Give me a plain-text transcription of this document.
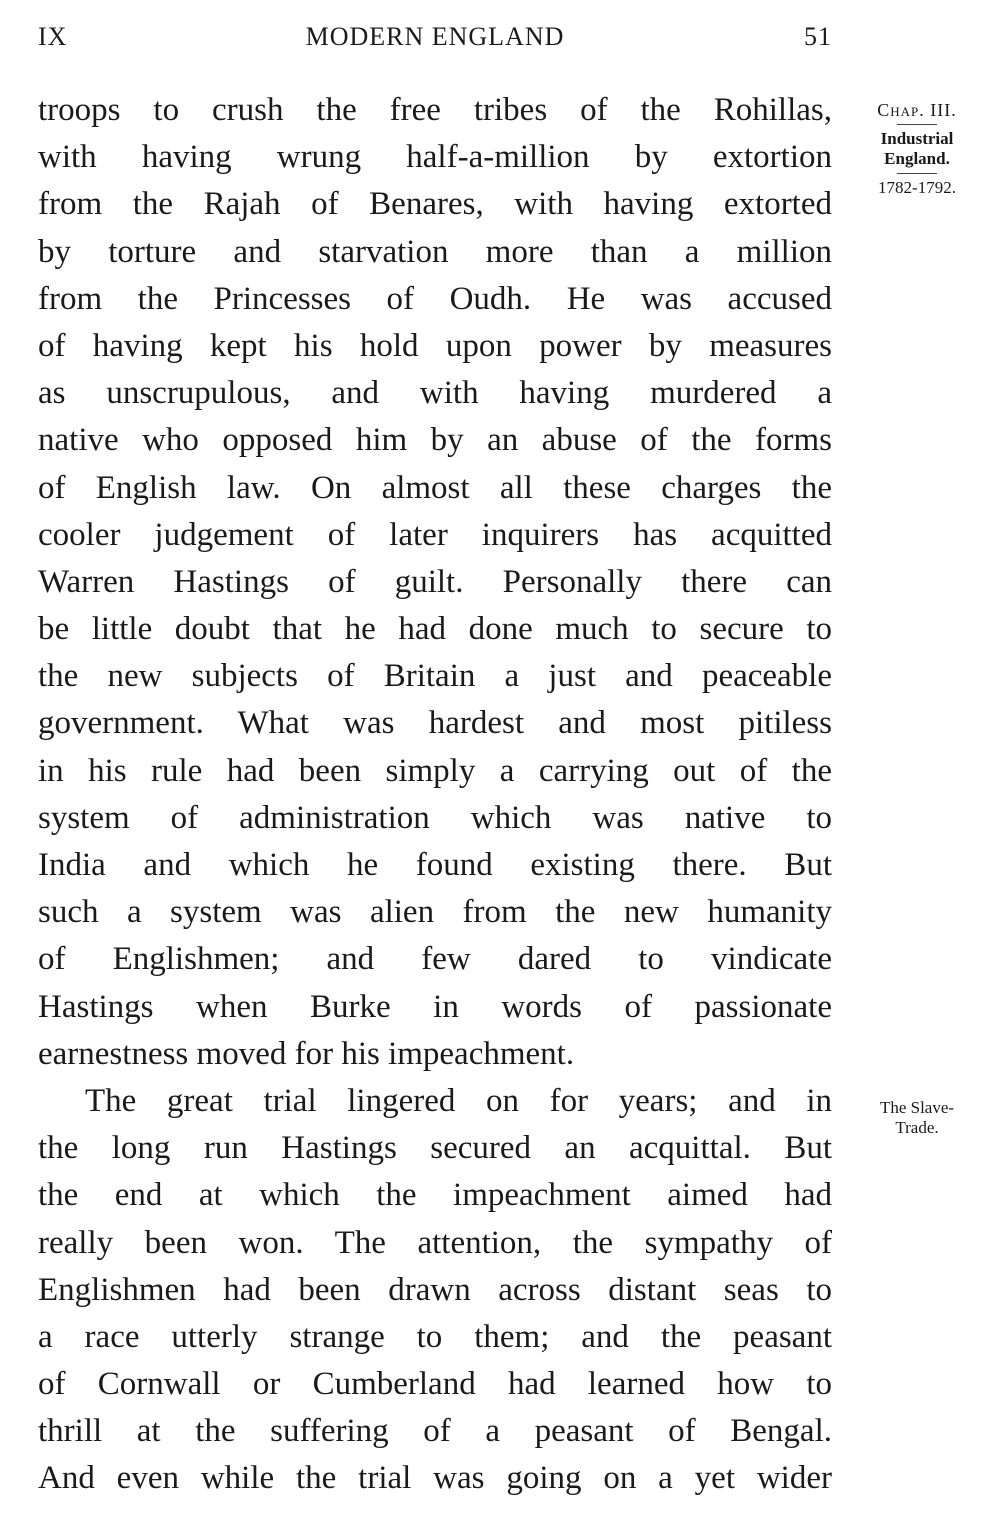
IX	MODERN ENGLAND	51
troops to crush the free tribes of the Rohillas,
with having wrung half-a-million by extortion
from the Rajah of Benares, with having extorted
by torture and starvation more than a million
from the Princesses of Oudh. He was accused
of having kept his hold upon power by measures
as unscrupulous, and with having murdered a
native who opposed him by an abuse of the forms
of English law. On almost all these charges the
cooler judgement of later inquirers has acquitted
Warren Hastings of guilt. Personally there can
be little doubt that he had done much to secure to
the new subjects of Britain a just and peaceable
government. What was hardest and most pitiless
in his rule had been simply a carrying out of the
system of administration which was native to
India and which he found existing there. But
such a system was alien from the new humanity
of Englishmen; and few dared to vindicate
Hastings when Burke in words of passionate
earnestness moved for his impeachment.
The great trial lingered on for years; and in
the long run Hastings secured an acquittal. But
the end at which the impeachment aimed had
really been won. The attention, the sympathy of
Englishmen had been drawn across distant seas to
a race utterly strange to them; and the peasant
of Cornwall or Cumberland had learned how to
thrill at the suffering of a peasant of Bengal.
And even while the trial was going on a yet wider
Chap. III.
Industrial
England.
1782-1792.
The Slave-
Trade.
